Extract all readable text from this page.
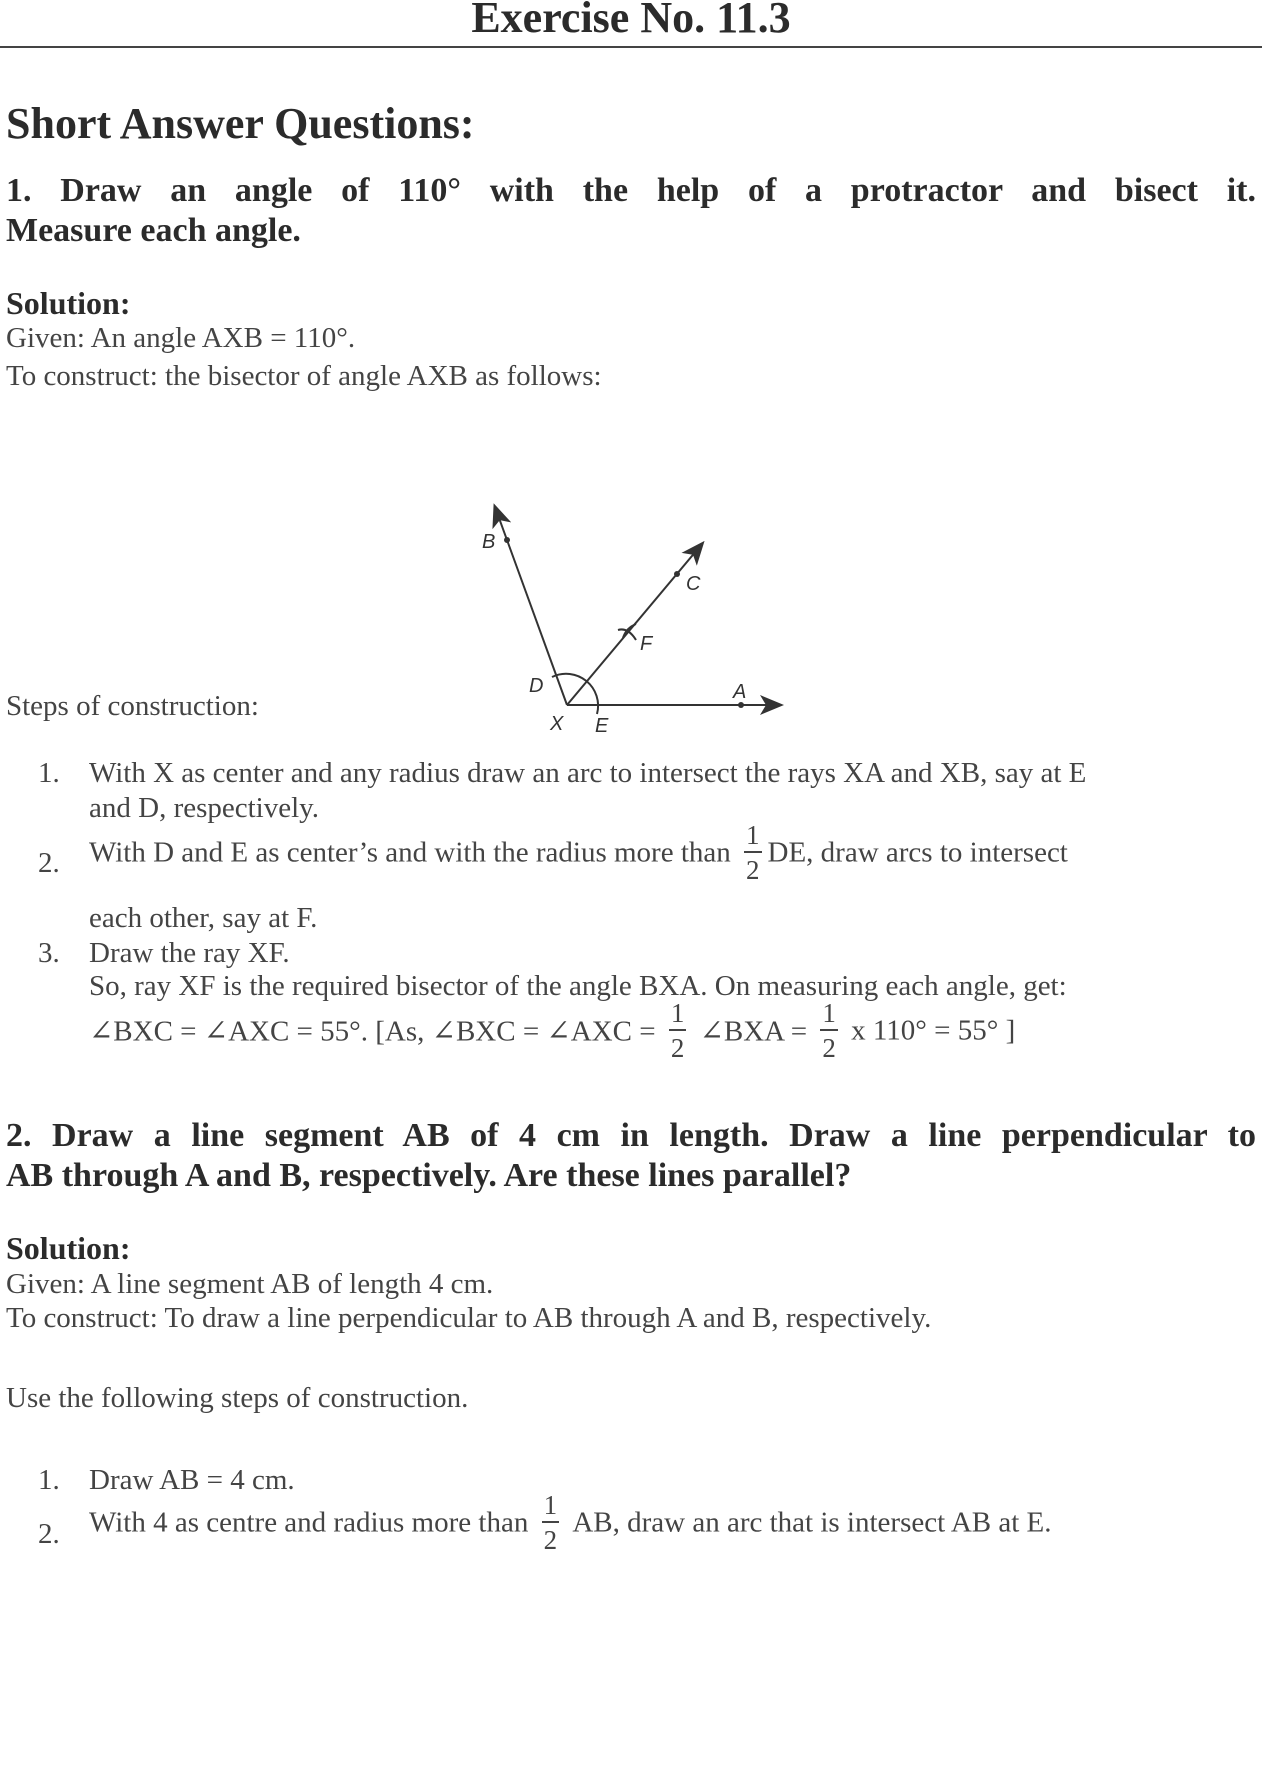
Exercise No. 11.3
Short Answer Questions:
1. Draw an angle of 110° with the help of a protractor and bisect it.
Measure each angle.
Solution:
Given: An angle AXB = 110°.
To construct: the bisector of angle AXB as follows:
B
C
F
D	A
X E
Steps of construction:
1. With X as center and any radius draw an arc to intersect the rays XA and XB, say at E
and D, respectively.
2. With D and E as center’s and with the radius more than $\frac{1}{2}$ DE, draw arcs to intersect
each other, say at F.
3. Draw the ray XF.
So, ray XF is the required bisector of the angle BXA. On measuring each angle, get:
∠BXC = ∠AXC = 55°. [As, ∠BXC = ∠AXC = $\frac{1}{2}$ ∠BXA = $\frac{1}{2}$ x 110° = 55° ]
2. Draw a line segment AB of 4 cm in length. Draw a line perpendicular to
AB through A and B, respectively. Are these lines parallel?
Solution:
Given: A line segment AB of length 4 cm.
To construct: To draw a line perpendicular to AB through A and B, respectively.
Use the following steps of construction.
1. Draw AB = 4 cm.
2. With 4 as centre and radius more than $\frac{1}{2}$ AB, draw an arc that is intersect AB at E.
